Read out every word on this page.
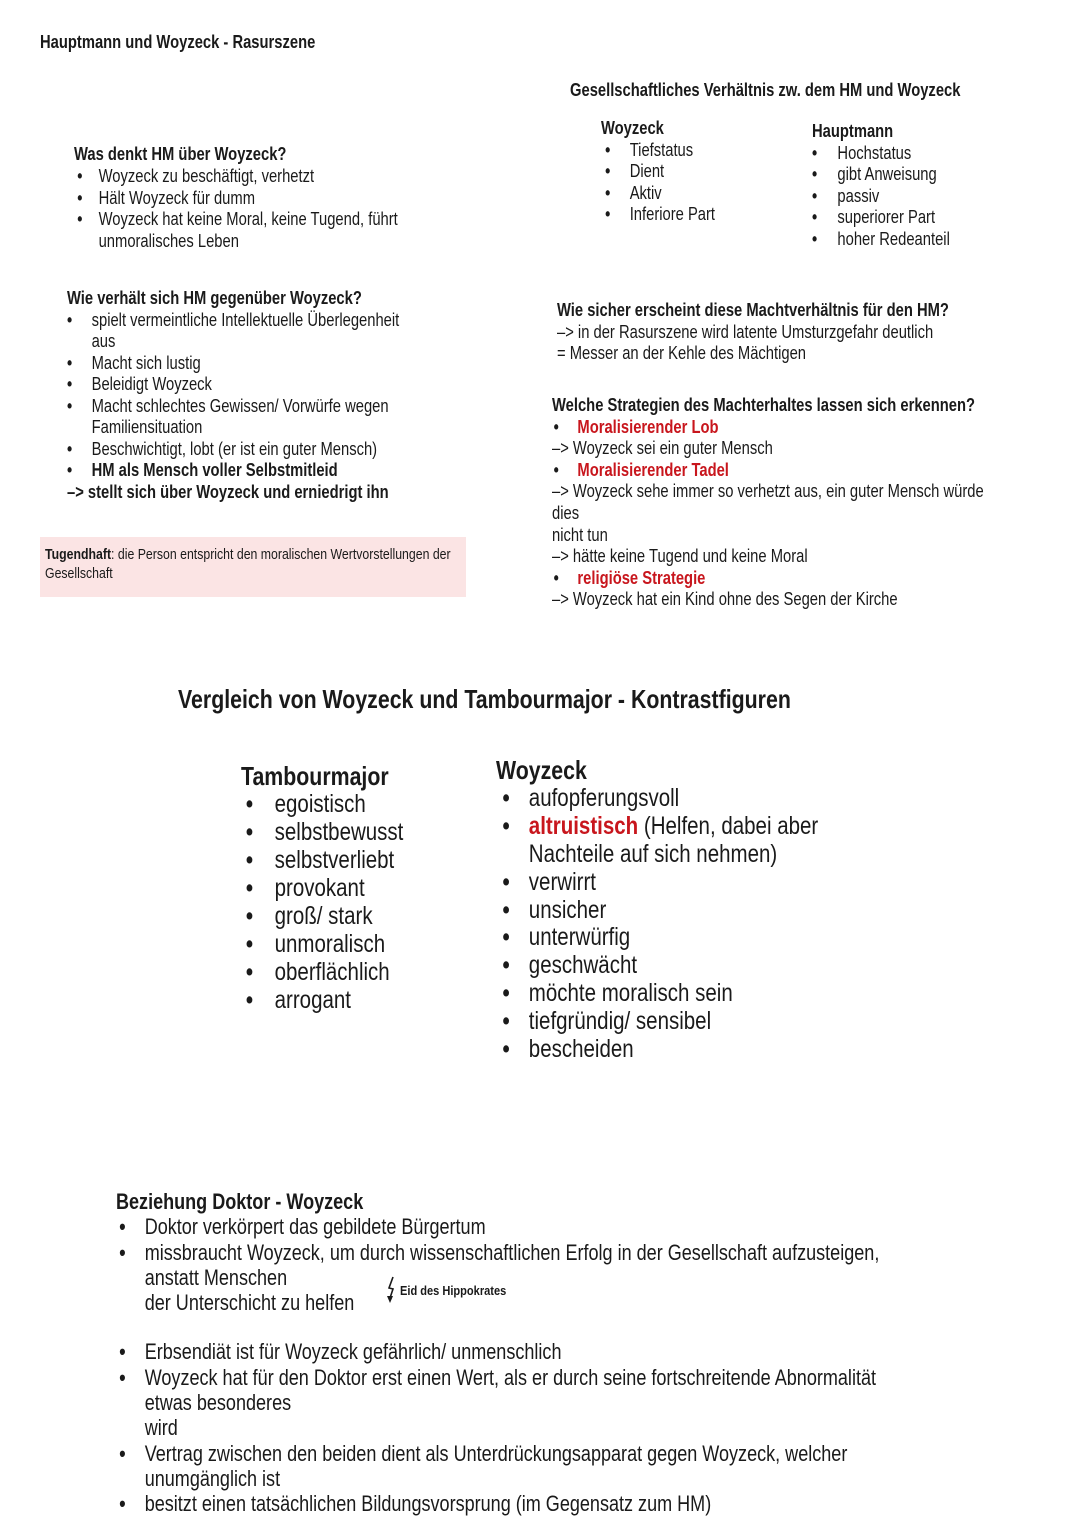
Hauptmann und Woyzeck - Rasurszene
Gesellschaftliches Verhältnis zw. dem HM und Woyzeck
Woyzeck
• Tiefstatus
• Dient
• Aktiv
• Inferiore Part
Hauptmann
• Hochstatus
• gibt Anweisung
• passiv
• superiorer Part
• hoher Redeanteil
Was denkt HM über Woyzeck?
• Woyzeck zu beschäftigt, verhetzt
• Hält Woyzeck für dumm
• Woyzeck hat keine Moral, keine Tugend, führt
unmoralisches Leben
Wie verhält sich HM gegenüber Woyzeck?
• spielt vermeintliche Intellektuelle Überlegenheit
aus
• Macht sich lustig
• Beleidigt Woyzeck
• Macht schlechtes Gewissen/ Vorwürfe wegen
Familiensituation
• Beschwichtigt, lobt (er ist ein guter Mensch)
• HM als Mensch voller Selbstmitleid
–> stellt sich über Woyzeck und erniedrigt ihn
Tugendhaft: die Person entspricht den moralischen Wertvorstellungen der
Gesellschaft
Wie sicher erscheint diese Machtverhältnis für den HM?
–> in der Rasurszene wird latente Umsturzgefahr deutlich
= Messer an der Kehle des Mächtigen
Welche Strategien des Machterhaltes lassen sich erkennen?
• Moralisierender Lob
–> Woyzeck sei ein guter Mensch
• Moralisierender Tadel
–> Woyzeck sehe immer so verhetzt aus, ein guter Mensch würde dies
nicht tun
–> hätte keine Tugend und keine Moral
• religiöse Strategie
–> Woyzeck hat ein Kind ohne des Segen der Kirche
Vergleich von Woyzeck und Tambourmajor - Kontrastfiguren
Tambourmajor
• egoistisch
• selbstbewusst
• selbstverliebt
• provokant
• groß/ stark
• unmoralisch
• oberflächlich
• arrogant
Woyzeck
• aufopferungsvoll
• altruistisch (Helfen, dabei aber
Nachteile auf sich nehmen)
• verwirrt
• unsicher
• unterwürfig
• geschwächt
• möchte moralisch sein
• tiefgründig/ sensibel
• bescheiden
Beziehung Doktor - Woyzeck
• Doktor verkörpert das gebildete Bürgertum
• missbraucht Woyzeck, um durch wissenschaftlichen Erfolg in der Gesellschaft aufzusteigen, anstatt Menschen
der Unterschicht zu helfen
• Erbsendiät ist für Woyzeck gefährlich/ unmenschlich
• Woyzeck hat für den Doktor erst einen Wert, als er durch seine fortschreitende Abnormalität etwas besonderes
wird
• Vertrag zwischen den beiden dient als Unterdrückungsapparat gegen Woyzeck, welcher unumgänglich ist
• besitzt einen tatsächlichen Bildungsvorsprung (im Gegensatz zum HM)
Eid des Hippokrates
